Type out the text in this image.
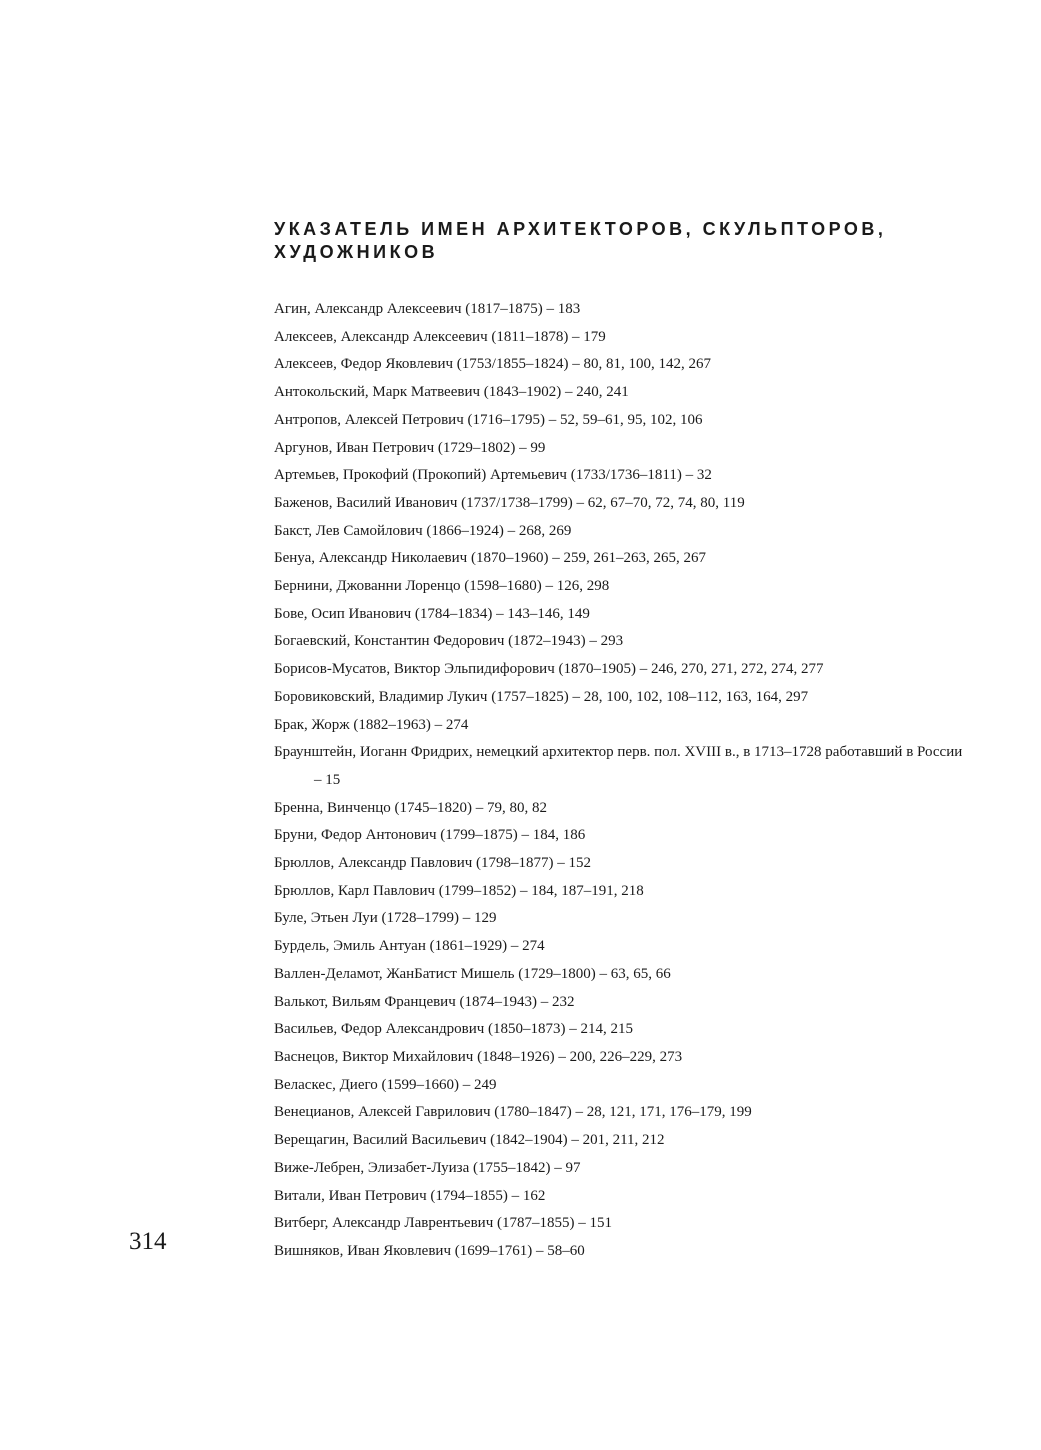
УКАЗАТЕЛЬ ИМЕН АРХИТЕКТОРОВ, СКУЛЬПТОРОВ,
ХУДОЖНИКОВ
Агин, Александр Алексеевич (1817–1875) – 183
Алексеев, Александр Алексеевич (1811–1878) – 179
Алексеев, Федор Яковлевич (1753/1855–1824) – 80, 81, 100, 142, 267
Антокольский, Марк Матвеевич (1843–1902) – 240, 241
Антропов, Алексей Петрович (1716–1795) – 52, 59–61, 95, 102, 106
Аргунов, Иван Петрович (1729–1802) – 99
Артемьев, Прокофий (Прокопий) Артемьевич (1733/1736–1811) – 32
Баженов, Василий Иванович (1737/1738–1799) – 62, 67–70, 72, 74, 80, 119
Бакст, Лев Самойлович (1866–1924) – 268, 269
Бенуа, Александр Николаевич (1870–1960) – 259, 261–263, 265, 267
Бернини, Джованни Лоренцо (1598–1680) – 126, 298
Бове, Осип Иванович (1784–1834) – 143–146, 149
Богаевский, Константин Федорович (1872–1943) – 293
Борисов-Мусатов, Виктор Эльпидифорович (1870–1905) – 246, 270, 271, 272, 274, 277
Боровиковский, Владимир Лукич (1757–1825) – 28, 100, 102, 108–112, 163, 164, 297
Брак, Жорж (1882–1963) – 274
Браунштейн, Иоганн Фридрих, немецкий архитектор перв. пол. XVIII в., в 1713–1728 работавший в России – 15
Бренна, Винченцо (1745–1820) – 79, 80, 82
Бруни, Федор Антонович (1799–1875) – 184, 186
Брюллов, Александр Павлович (1798–1877) – 152
Брюллов, Карл Павлович (1799–1852) – 184, 187–191, 218
Буле, Этьен Луи (1728–1799) – 129
Бурдель, Эмиль Антуан (1861–1929) – 274
Валлен-Деламот, ЖанБатист Мишель (1729–1800) – 63, 65, 66
Валькот, Вильям Францевич (1874–1943) – 232
Васильев, Федор Александрович (1850–1873) – 214, 215
Васнецов, Виктор Михайлович (1848–1926) – 200, 226–229, 273
Веласкес, Диего (1599–1660) – 249
Венецианов, Алексей Гаврилович (1780–1847) – 28, 121, 171, 176–179, 199
Верещагин, Василий Васильевич (1842–1904) – 201, 211, 212
Виже-Лебрен, Элизабет-Луиза (1755–1842) – 97
Витали, Иван Петрович (1794–1855) – 162
Витберг, Александр Лаврентьевич (1787–1855) – 151
Вишняков, Иван Яковлевич (1699–1761) – 58–60
314
